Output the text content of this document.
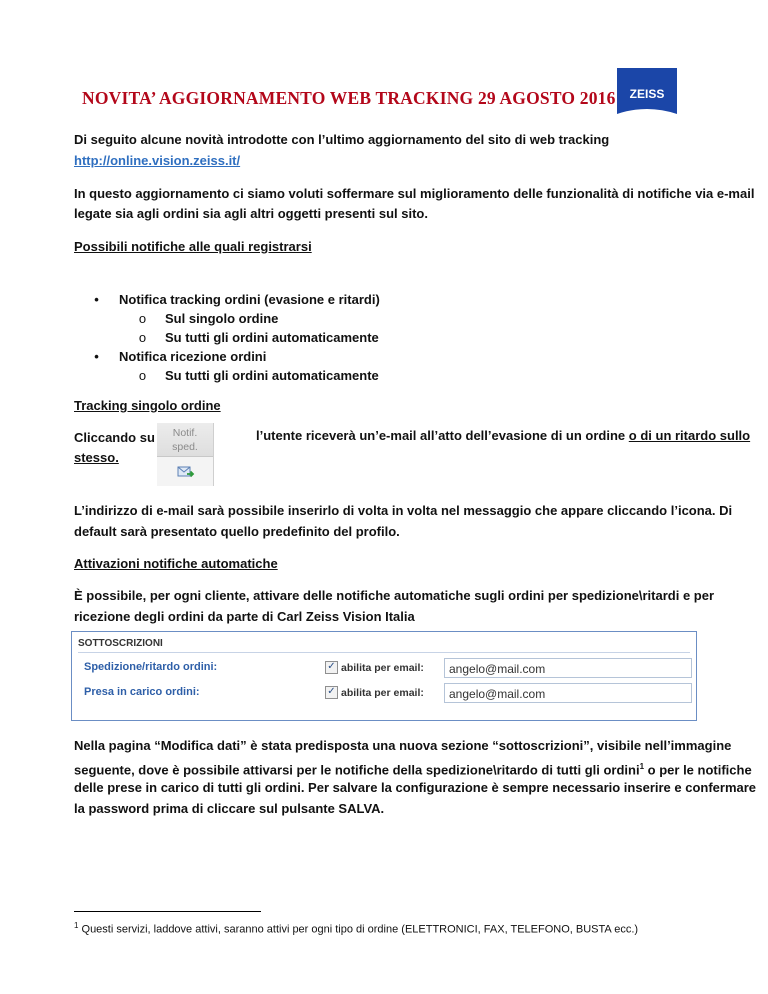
NOVITA’ AGGIORNAMENTO WEB TRACKING 29 AGOSTO 2016 ZEISS
Di seguito alcune novità introdotte con l’ultimo aggiornamento del sito di web tracking
http://online.vision.zeiss.it/
In questo aggiornamento ci siamo voluti soffermare sul miglioramento delle funzionalità di notifiche via e-mail
legate sia agli ordini sia agli altri oggetti presenti sul sito.
Possibili notifiche alle quali registrarsi
•	Notifica tracking ordini (evasione e ritardi)
o	Sul singolo ordine
o	Su tutti gli ordini automaticamente
•	Notifica ricezione ordini
o	Su tutti gli ordini automaticamente
Tracking singolo ordine
Cliccando su
stesso.
Notif.
sped.
l’utente riceverà un’e-mail all’atto dell’evasione di un ordine o di un ritardo sullo
L’indirizzo di e-mail sarà possibile inserirlo di volta in volta nel messaggio che appare cliccando l’icona. Di
default sarà presentato quello predefinito del profilo.
Attivazioni notifiche automatiche
È possibile, per ogni cliente, attivare delle notifiche automatiche sugli ordini per spedizione\ritardi e per
ricezione degli ordini da parte di Carl Zeiss Vision Italia
SOTTOSCRIZIONI
Spedizione/ritardo ordini:	✓ abilita per email:	angelo@mail.com
Presa in carico ordini:	✓ abilita per email:	angelo@mail.com
Nella pagina “Modifica dati” è stata predisposta una nuova sezione “sottoscrizioni”, visibile nell’immagine
seguente, dove è possibile attivarsi per le notifiche della spedizione\ritardo di tutti gli ordini$^1$ o per le notifiche
delle prese in carico di tutti gli ordini. Per salvare la configurazione è sempre necessario inserire e confermare
la password prima di cliccare sul pulsante SALVA.
$^1$ Questi servizi, laddove attivi, saranno attivi per ogni tipo di ordine (ELETTRONICI, FAX, TELEFONO, BUSTA ecc.)
